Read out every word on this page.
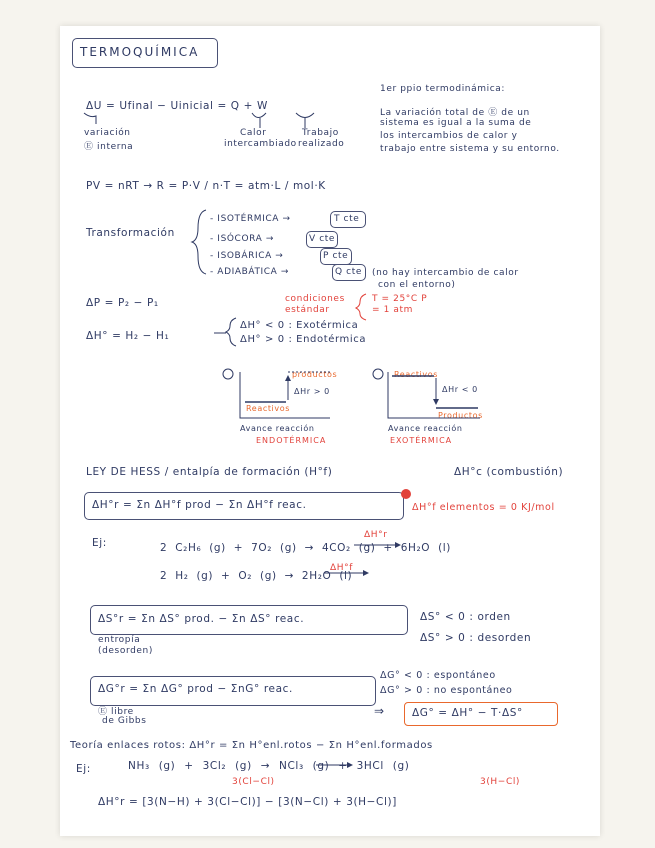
TERMOQUÍMICA
ΔU = Ufinal − Uinicial = Q + W
variación
Ⓔ interna
Calor
intercambiado
Trabajo
realizado
1er ppio termodinámica:
La variación total de Ⓔ de un
sistema es igual a la suma de
los intercambios de calor y
trabajo entre sistema y su entorno.
PV = nRT → R = P·V / n·T = atm·L / mol·K
Transformación
- ISOTÉRMICA →	T cte
- ISÓCORA →	V cte
- ISOBÁRICA →	P cte
- ADIABÁTICA →	Q cte (no hay intercambio de calor
con el entorno)
ΔP = P₂ − P₁	condiciones estándar
T = 25°C P = 1 atm
ΔH° = H₂ − H₁
ΔH° < 0 : Exotérmica
ΔH° > 0 : Endotérmica
productos
ΔHr > 0
Reactivos
Avance reacción
ENDOTÉRMICA
Reactivos
ΔHr < 0
Productos
Avance reacción
EXOTÉRMICA
LEY DE HESS / entalpía de formación (H°f)	ΔH°c (combustión)
ΔH°r = Σn ΔH°f prod − Σn ΔH°f reac.	ΔH°f elementos = 0 KJ/mol
Ej:
ΔH°r
2 C₂H₆ (g) + 7O₂ (g) → 4CO₂ (g) + 6H₂O (l)
ΔH°f
2 H₂ (g) + O₂ (g) → 2H₂O (l)
ΔS°r = Σn ΔS° prod. − Σn ΔS° reac.
entropía
(desorden)
ΔS° < 0 : orden
ΔS° > 0 : desorden
ΔG°r = Σn ΔG° prod − ΣnG° reac.
Ⓔ libre
de Gibbs
ΔG° < 0 : espontáneo
ΔG° > 0 : no espontáneo
⇒	ΔG° = ΔH° − T·ΔS°
Teoría enlaces rotos: ΔH°r = Σn H°enl.rotos − Σn H°enl.formados
Ej:	NH₃ (g) + 3Cl₂ (g) → NCl₃ (g) + 3HCl (g)
3(Cl−Cl)	3(H−Cl)
ΔH°r = [3(N−H) + 3(Cl−Cl)] − [3(N−Cl) + 3(H−Cl)]
